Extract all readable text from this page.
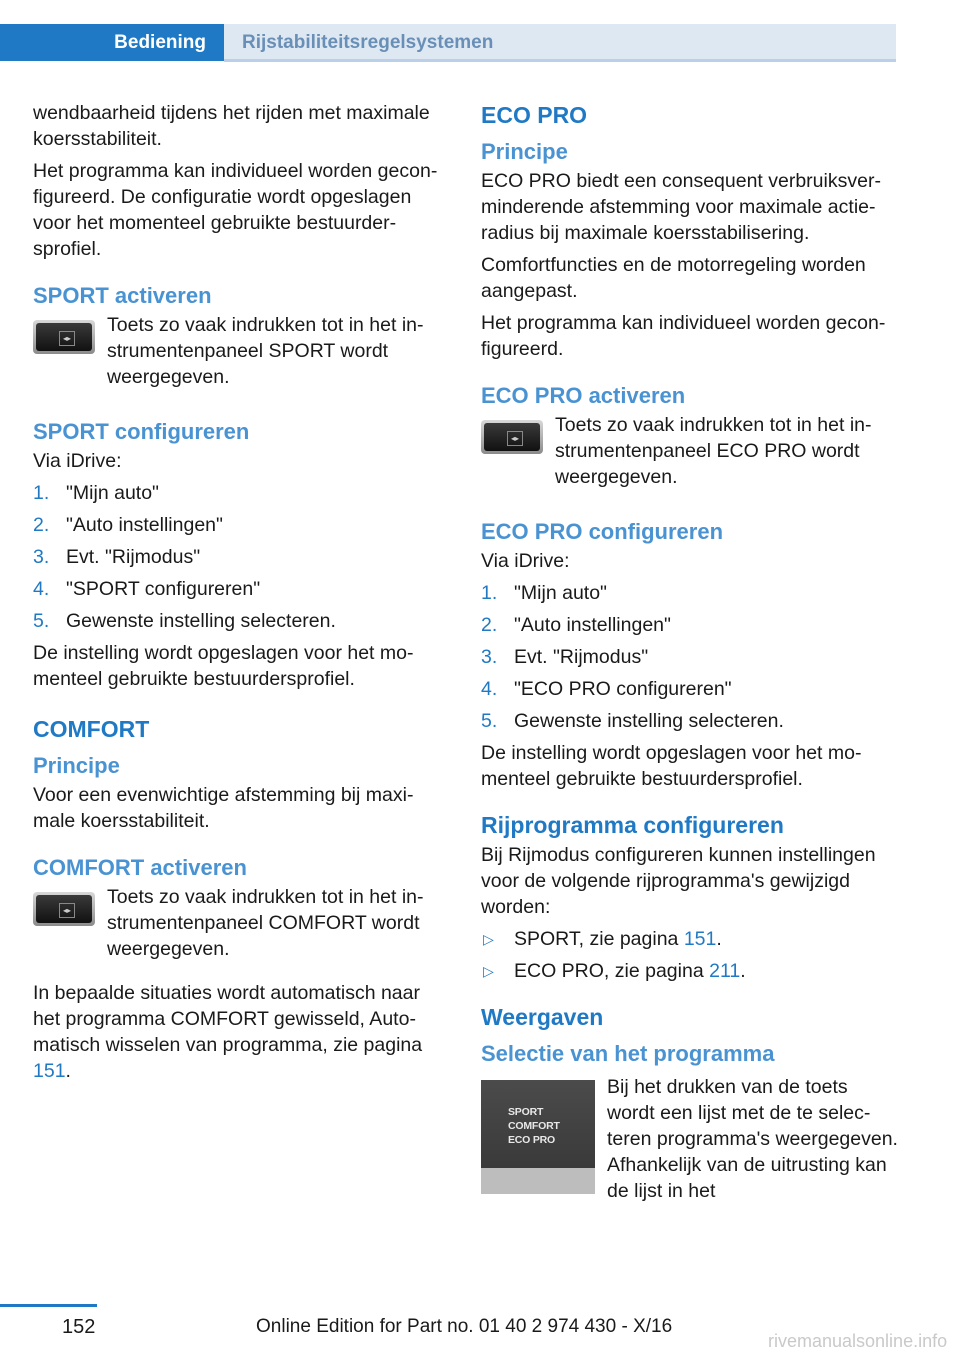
Bediening Rijstabiliteitsregelsystemen

wendbaarheid tijdens het rijden met maximale koersstabiliteit.

Het programma kan individueel worden geconfigureerd. De configuratie wordt opgeslagen voor het momenteel gebruikte bestuurdersprofiel.

SPORT activeren
◂▸

Toets zo vaak indrukken tot in het instrumentenpaneel SPORT wordt weergegeven.

SPORT configureren

Via iDrive:

1. "Mijn auto"
2. "Auto instellingen"
3. Evt. "Rijmodus"
4. "SPORT configureren"
5. Gewenste instelling selecteren.

De instelling wordt opgeslagen voor het momenteel gebruikte bestuurdersprofiel.

COMFORT
Principe

Voor een evenwichtige afstemming bij maximale koersstabiliteit.

COMFORT activeren
◂▸

Toets zo vaak indrukken tot in het instrumentenpaneel COMFORT wordt weergegeven.

In bepaalde situaties wordt automatisch naar het programma COMFORT gewisseld, Automatisch wisselen van programma, zie pagina 151.

ECO PRO
Principe

ECO PRO biedt een consequent verbruiksverminderende afstemming voor maximale actieradius bij maximale koersstabilisering.

Comfortfuncties en de motorregeling worden aangepast.

Het programma kan individueel worden geconfigureerd.

ECO PRO activeren
◂▸

Toets zo vaak indrukken tot in het instrumentenpaneel ECO PRO wordt weergegeven.

ECO PRO configureren

Via iDrive:

1. "Mijn auto"
2. "Auto instellingen"
3. Evt. "Rijmodus"
4. "ECO PRO configureren"
5. Gewenste instelling selecteren.

De instelling wordt opgeslagen voor het momenteel gebruikte bestuurdersprofiel.

Rijprogramma configureren

Bij Rijmodus configureren kunnen instellingen voor de volgende rijprogramma's gewijzigd worden:

▷ SPORT, zie pagina 151.
▷ ECO PRO, zie pagina 211.
Weergaven
Selectie van het programma
SPORT
COMFORT
ECO PRO

Bij het drukken van de toets wordt een lijst met de te selecteren programma's weergegeven. Afhankelijk van de uitrusting kan de lijst in het

152	Online Edition for Part no. 01 40 2 974 430 - X/16
rivemanualsonline.info
